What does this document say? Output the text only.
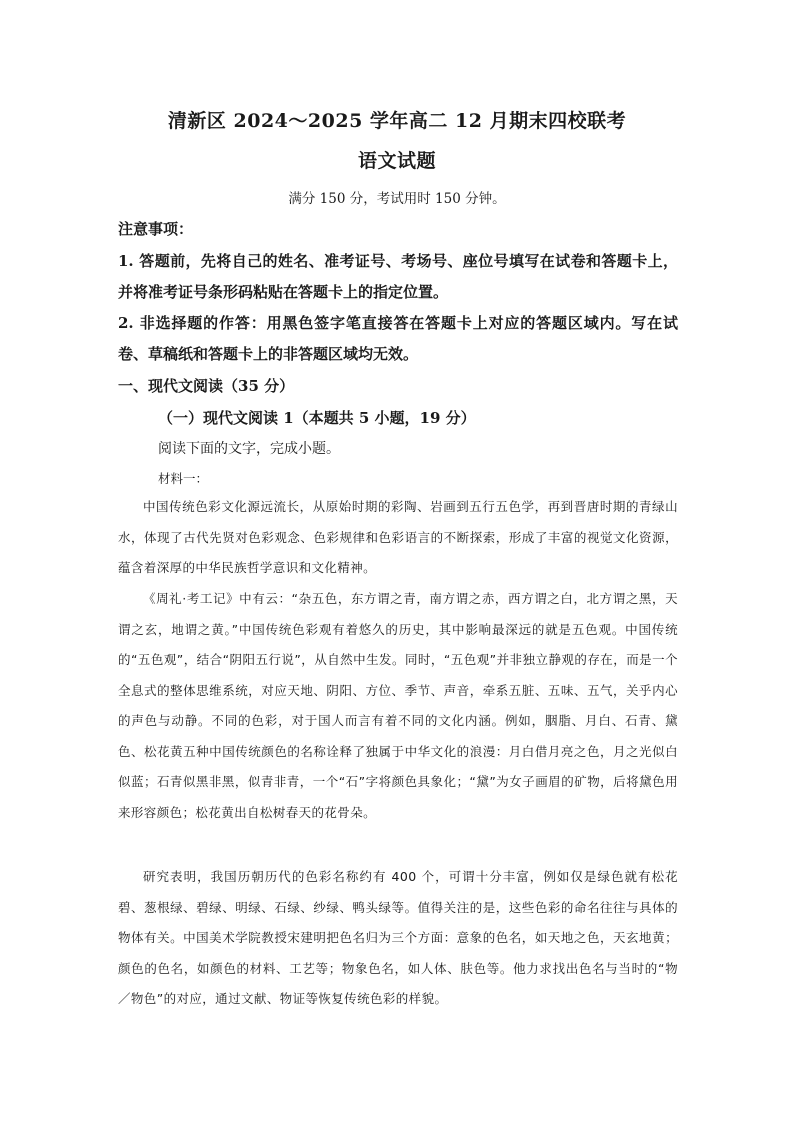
清新区 2024～2025 学年高二 12 月期末四校联考
语文试题
满分 150 分，考试用时 150 分钟。
注意事项：
1. 答题前，先将自己的姓名、准考证号、考场号、座位号填写在试卷和答题卡上，并将准考证号条形码粘贴在答题卡上的指定位置。
2. 非选择题的作答：用黑色签字笔直接答在答题卡上对应的答题区域内。写在试卷、草稿纸和答题卡上的非答题区域均无效。
一、现代文阅读（35 分）
（一）现代文阅读 1（本题共 5 小题，19 分）
阅读下面的文字，完成小题。
材料一：
中国传统色彩文化源远流长，从原始时期的彩陶、岩画到五行五色学，再到晋唐时期的青绿山水，体现了古代先贤对色彩观念、色彩规律和色彩语言的不断探索，形成了丰富的视觉文化资源，蕴含着深厚的中华民族哲学意识和文化精神。
《周礼·考工记》中有云：“杂五色，东方谓之青，南方谓之赤，西方谓之白，北方谓之黑，天谓之玄，地谓之黄。”中国传统色彩观有着悠久的历史，其中影响最深远的就是五色观。中国传统的“五色观”，结合“阴阳五行说”，从自然中生发。同时，“五色观”并非独立静观的存在，而是一个全息式的整体思维系统，对应天地、阴阳、方位、季节、声音，牵系五脏、五味、五气，关乎内心的声色与动静。不同的色彩，对于国人而言有着不同的文化内涵。例如，胭脂、月白、石青、黛色、松花黄五种中国传统颜色的名称诠释了独属于中华文化的浪漫：月白借月亮之色，月之光似白似蓝；石青似黑非黑，似青非青，一个“石”字将颜色具象化；“黛”为女子画眉的矿物，后将黛色用来形容颜色；松花黄出自松树春天的花骨朵。
研究表明，我国历朝历代的色彩名称约有 400 个，可谓十分丰富，例如仅是绿色就有松花碧、葱根绿、碧绿、明绿、石绿、纱绿、鸭头绿等。值得关注的是，这些色彩的命名往往与具体的物体有关。中国美术学院教授宋建明把色名归为三个方面：意象的色名，如天地之色，天玄地黄；颜色的色名，如颜色的材料、工艺等；物象色名，如人体、肤色等。他力求找出色名与当时的“物／物色”的对应，通过文献、物证等恢复传统色彩的样貌。
